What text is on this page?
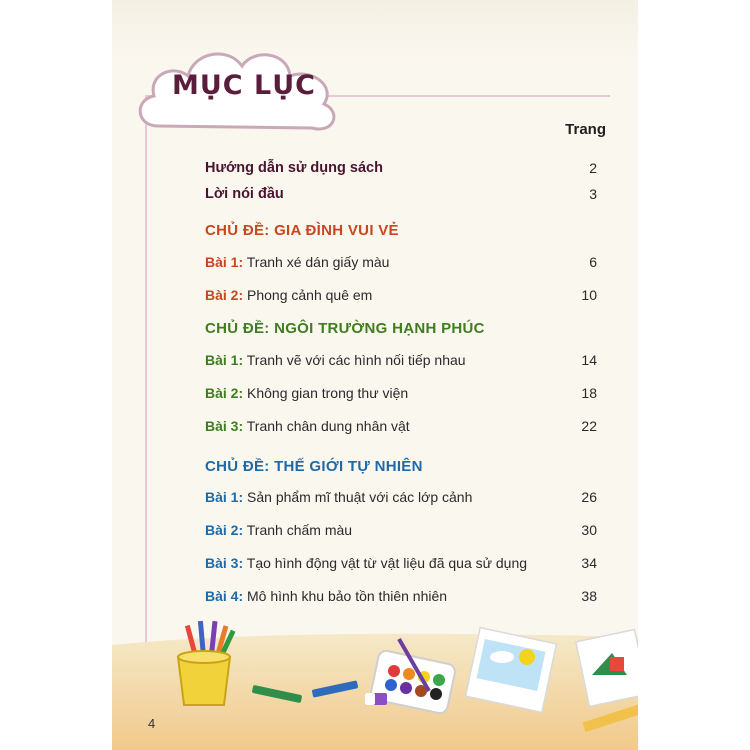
MỤC LỤC
Trang
Hướng dẫn sử dụng sách	2
Lời nói đầu	3
CHỦ ĐỀ: GIA ĐÌNH VUI VẺ
Bài 1: Tranh xé dán giấy màu	6
Bài 2: Phong cảnh quê em	10
CHỦ ĐỀ: NGÔI TRƯỜNG HẠNH PHÚC
Bài 1: Tranh vẽ với các hình nối tiếp nhau	14
Bài 2: Không gian trong thư viện	18
Bài 3: Tranh chân dung nhân vật	22
CHỦ ĐỀ: THẾ GIỚI TỰ NHIÊN
Bài 1: Sản phẩm mĩ thuật với các lớp cảnh	26
Bài 2: Tranh chấm màu	30
Bài 3: Tạo hình động vật từ vật liệu đã qua sử dụng	34
Bài 4: Mô hình khu bảo tồn thiên nhiên	38
4
